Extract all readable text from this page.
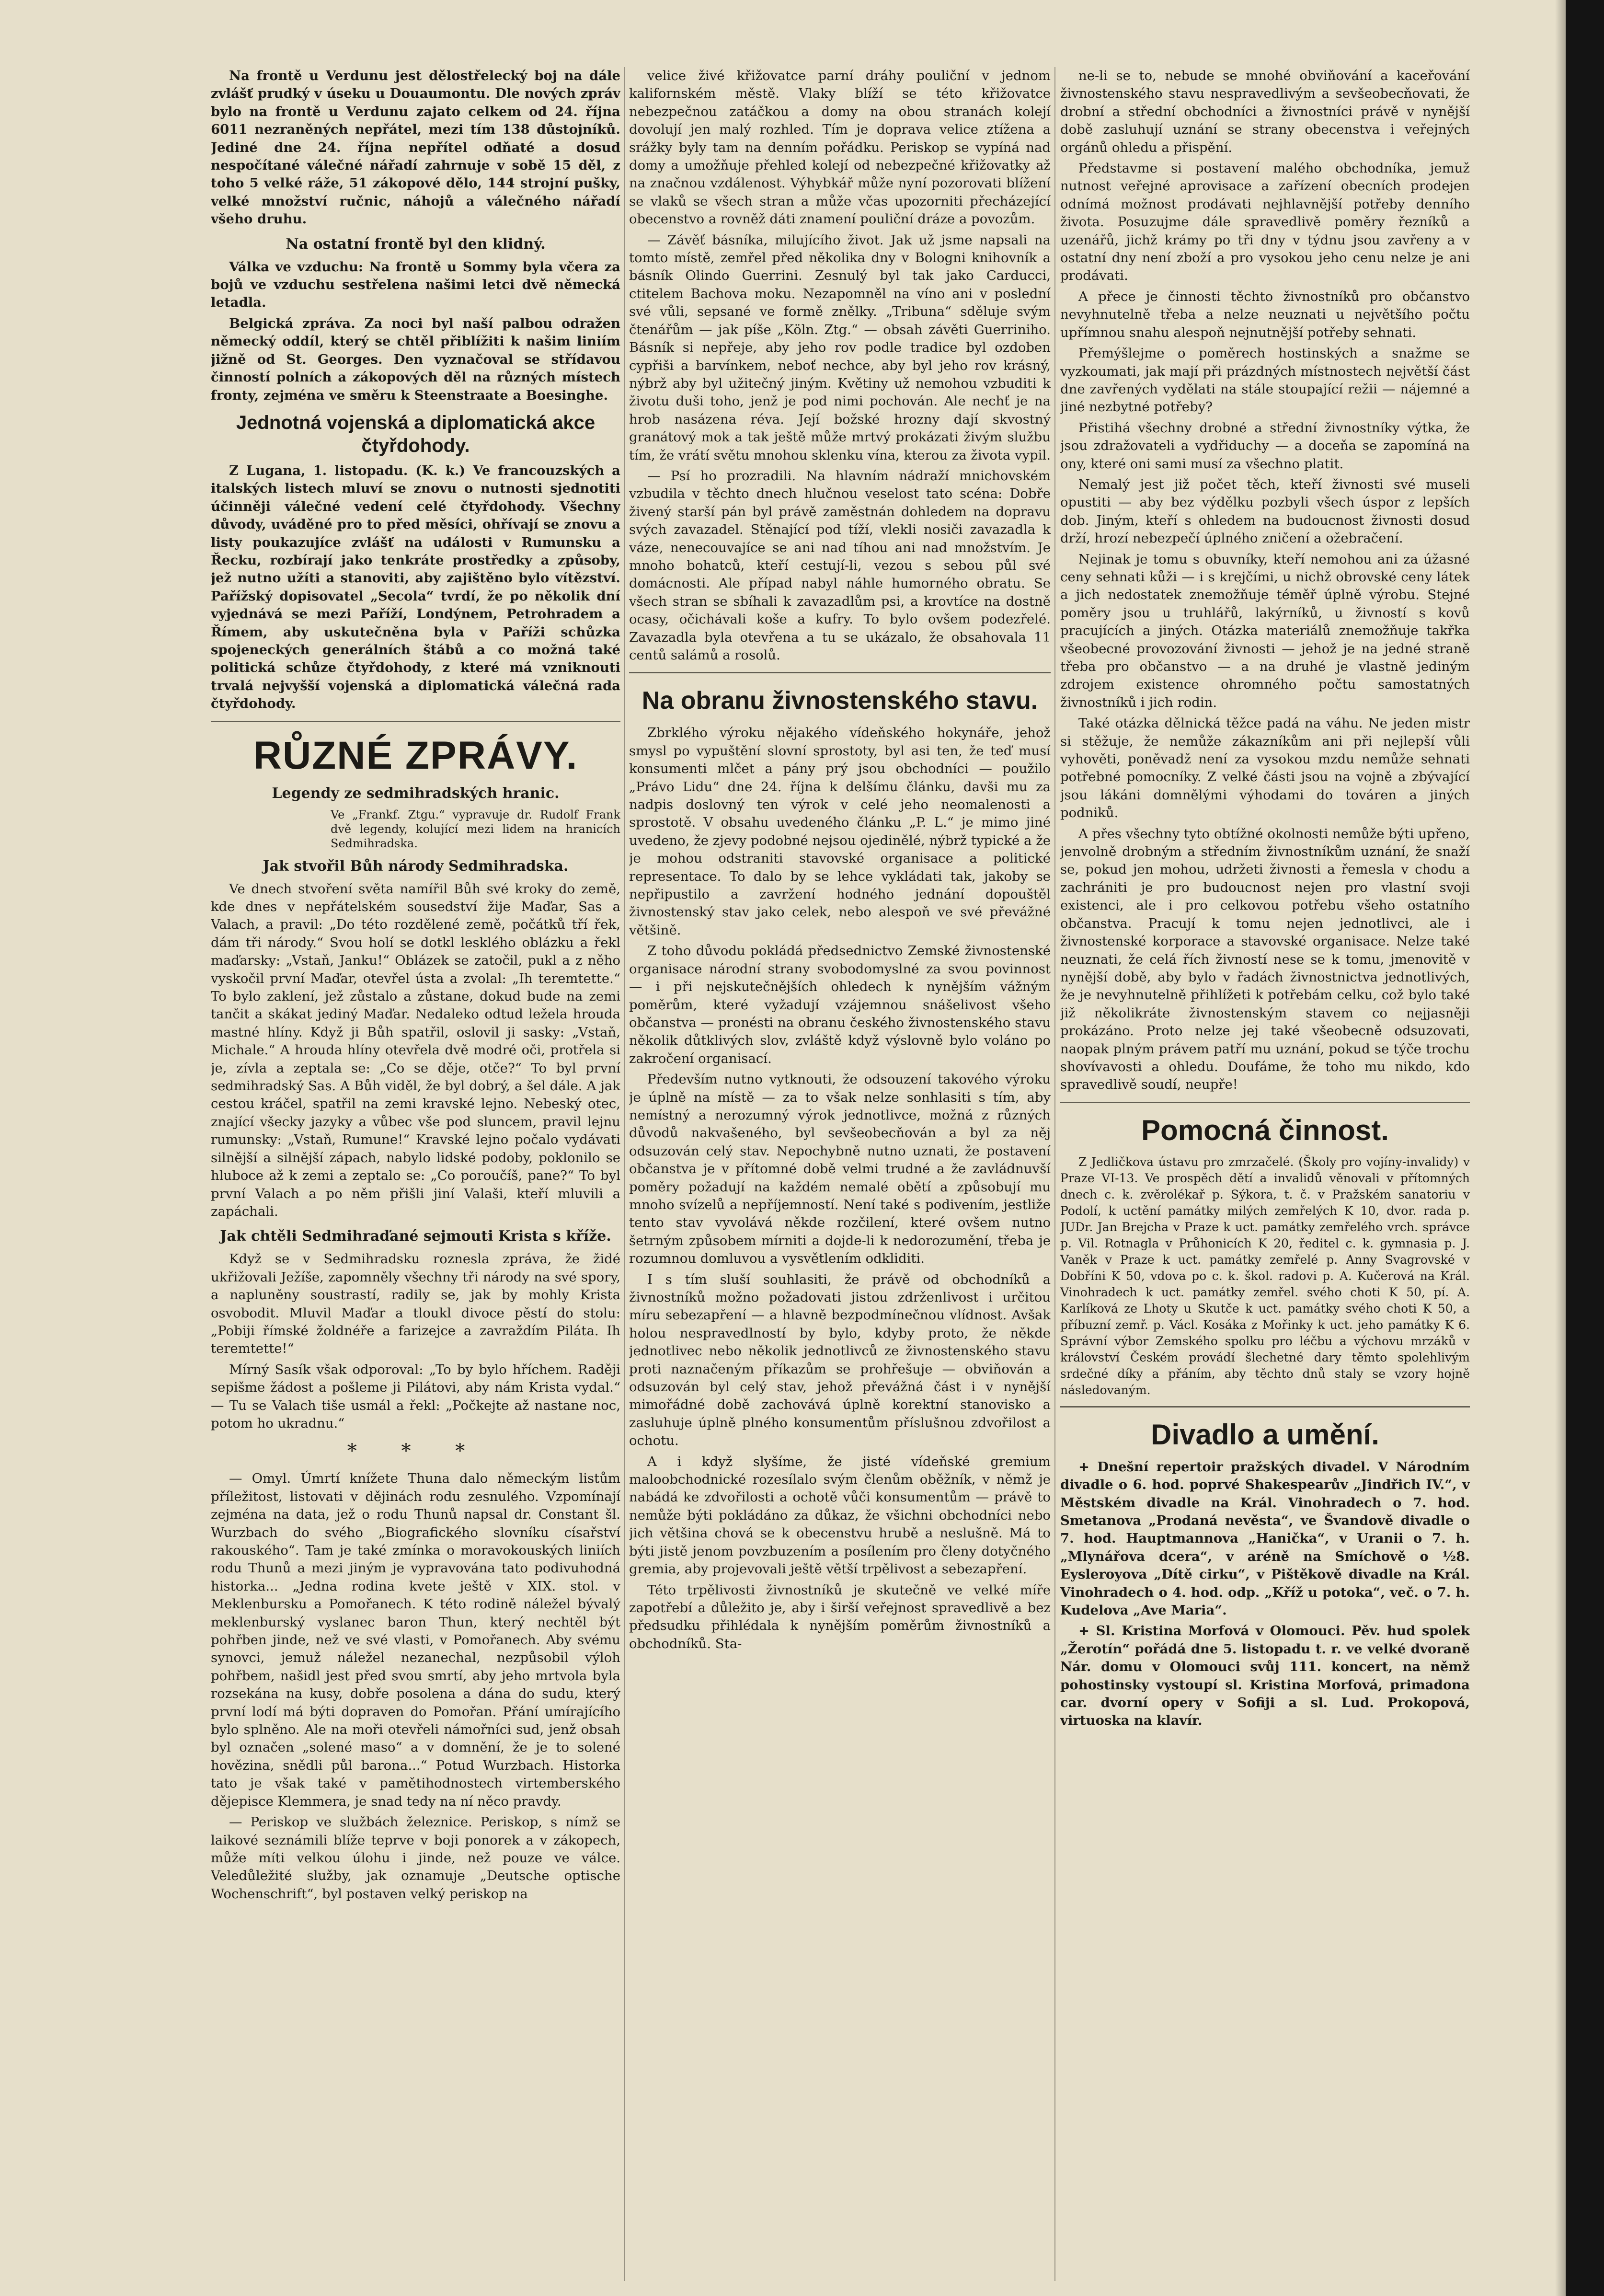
Na frontě u Verdunu jest dělostřelecký boj na dále zvlášť prudký v úseku u Douaumontu. Dle nových zpráv bylo na frontě u Verdunu zajato celkem od 24. října 6011 nezraněných nepřátel, mezi tím 138 důstojníků. Jediné dne 24. října nepřítel odňaté a dosud nespočítané válečné nářadí zahrnuje v sobě 15 děl, z toho 5 velké ráže, 51 zákopové dělo, 144 strojní pušky, velké množství ručnic, náhojů a válečného nářadí všeho druhu.

Na ostatní frontě byl den klidný.

Válka ve vzduchu: Na frontě u Sommy byla včera za bojů ve vzduchu sestřelena našimi letci dvě německá letadla.

Belgická zpráva. Za noci byl naší palbou odražen německý oddíl, který se chtěl přiblížiti k našim liniím jižně od St. Georges. Den vyznačoval se střídavou činností polních a zákopových děl na různých místech fronty, zejména ve směru k Steenstraate a Boesinghe.

Jednotná vojenská a diplomatická akce čtyřdohody.

Z Lugana, 1. listopadu. (K. k.) Ve francouzských a italských listech mluví se znovu o nutnosti sjednotiti účinněji válečné vedení celé čtyřdohody. Všechny důvody, uváděné pro to před měsíci, ohřívají se znovu a listy poukazujíce zvlášť na události v Rumunsku a Řecku, rozbírají jako tenkráte prostředky a způsoby, jež nutno užíti a stanoviti, aby zajištěno bylo vítězství. Pařížský dopisovatel „Secola“ tvrdí, že po několik dní vyjednává se mezi Paříží, Londýnem, Petrohradem a Římem, aby uskutečněna byla v Paříži schůzka spojeneckých generálních štábů a co možná také politická schůze čtyřdohody, z které má vzniknouti trvalá nejvyšší vojenská a diplomatická válečná rada čtyřdohody.

RŮZNÉ ZPRÁVY.
Legendy ze sedmihradských hranic.

Ve „Frankf. Ztgu.“ vypravuje dr. Rudolf Frank dvě legendy, kolující mezi lidem na hranicích Sedmihradska.

Jak stvořil Bůh národy Sedmihradska.

Ve dnech stvoření světa namířil Bůh své kroky do země, kde dnes v nepřátelském sousedství žije Maďar, Sas a Valach, a pravil: „Do této rozdělené země, počátků tří řek, dám tři národy.“ Svou holí se dotkl lesklého oblázku a řekl maďarsky: „Vstaň, Janku!“ Oblázek se zatočil, pukl a z něho vyskočil první Maďar, otevřel ústa a zvolal: „Ih teremtette.“ To bylo zaklení, jež zůstalo a zůstane, dokud bude na zemi tančit a skákat jediný Maďar. Nedaleko odtud ležela hrouda mastné hlíny. Když ji Bůh spatřil, oslovil ji sasky: „Vstaň, Michale.“ A hrouda hlíny otevřela dvě modré oči, protřela si je, zívla a zeptala se: „Co se děje, otče?“ To byl první sedmihradský Sas. A Bůh viděl, že byl dobrý, a šel dále. A jak cestou kráčel, spatřil na zemi kravské lejno. Nebeský otec, znající všecky jazyky a vůbec vše pod sluncem, pravil lejnu rumunsky: „Vstaň, Rumune!“ Kravské lejno počalo vydávati silnější a silnější zápach, nabylo lidské podoby, poklonilo se hluboce až k zemi a zeptalo se: „Co poroučíš, pane?“ To byl první Valach a po něm přišli jiní Valaši, kteří mluvili a zapáchali.

Jak chtěli Sedmihraďané sejmouti Krista s kříže.

Když se v Sedmihradsku roznesla zpráva, že židé ukřižovali Ježíše, zapomněly všechny tři národy na své spory, a napluněny soustrastí, radily se, jak by mohly Krista osvobodit. Mluvil Maďar a tloukl divoce pěstí do stolu: „Pobiji římské žoldnéře a farizejce a zavraždím Piláta. Ih teremtette!“

Mírný Sasík však odporoval: „To by bylo hříchem. Raději sepišme žádost a pošleme ji Pilátovi, aby nám Krista vydal.“ — Tu se Valach tiše usmál a řekl: „Počkejte až nastane noc, potom ho ukradnu.“

* * *

— Omyl. Úmrtí knížete Thuna dalo německým listům příležitost, listovati v dějinách rodu zesnulého. Vzpomínají zejména na data, jež o rodu Thunů napsal dr. Constant šl. Wurzbach do svého „Biografického slovníku císařství rakouského“. Tam je také zmínka o moravokouských liniích rodu Thunů a mezi jiným je vypravována tato podivuhodná historka... „Jedna rodina kvete ještě v XIX. stol. v Meklenbursku a Pomořanech. K této rodině náležel bývalý meklenburský vyslanec baron Thun, který nechtěl být pohřben jinde, než ve své vlasti, v Pomořanech. Aby svému synovci, jemuž náležel nezanechal, nezpůsobil výloh pohřbem, našidl jest před svou smrtí, aby jeho mrtvola byla rozsekána na kusy, dobře posolena a dána do sudu, který první lodí má býti dopraven do Pomořan. Přání umírajícího bylo splněno. Ale na moři otevřeli námořníci sud, jenž obsah byl označen „solené maso“ a v domnění, že je to solené hovězina, snědli půl barona...“ Potud Wurzbach. Historka tato je však také v pamětihodnostech virtemberského dějepisce Klemmera, je snad tedy na ní něco pravdy.

— Periskop ve službách železnice. Periskop, s nímž se laikové seznámili blíže teprve v boji ponorek a v zákopech, může míti velkou úlohu i jinde, než pouze ve válce. Veledůležité služby, jak oznamuje „Deutsche optische Wochenschrift“, byl postaven velký periskop na

velice živé křižovatce parní dráhy pouliční v jednom kalifornském městě. Vlaky blíží se této křižovatce nebezpečnou zatáčkou a domy na obou stranách kolejí dovolují jen malý rozhled. Tím je doprava velice ztížena a srážky byly tam na denním pořádku. Periskop se vypíná nad domy a umožňuje přehled kolejí od nebezpečné křižovatky až na značnou vzdálenost. Výhybkář může nyní pozorovati blížení se vlaků se všech stran a může včas upozorniti přecházející obecenstvo a rovněž dáti znamení pouliční dráze a povozům.

— Závěť básníka, milujícího život. Jak už jsme napsali na tomto místě, zemřel před několika dny v Bologni knihovník a básník Olindo Guerrini. Zesnulý byl tak jako Carducci, ctitelem Bachova moku. Nezapomněl na víno ani v poslední své vůli, sepsané ve formě znělky. „Tribuna“ sděluje svým čtenářům — jak píše „Köln. Ztg.“ — obsah závěti Guerriniho. Básník si nepřeje, aby jeho rov podle tradice byl ozdoben cypřiši a barvínkem, neboť nechce, aby byl jeho rov krásný, nýbrž aby byl užitečný jiným. Květiny už nemohou vzbuditi k životu duši toho, jenž je pod nimi pochován. Ale nechť je na hrob nasázena réva. Její božské hrozny dají skvostný granátový mok a tak ještě může mrtvý prokázati živým službu tím, že vrátí světu mnohou sklenku vína, kterou za života vypil.

— Psí ho prozradili. Na hlavním nádraží mnichovském vzbudila v těchto dnech hlučnou veselost tato scéna: Dobře živený starší pán byl právě zaměstnán dohledem na dopravu svých zavazadel. Stěnající pod tíží, vlekli nosiči zavazadla k váze, nenecouvajíce se ani nad tíhou ani nad množstvím. Je mnoho bohatců, kteří cestují-li, vezou s sebou půl své domácnosti. Ale případ nabyl náhle humorného obratu. Se všech stran se sbíhali k zavazadlům psi, a krovtíce na dostně ocasy, očichávali koše a kufry. To bylo ovšem podezřelé. Zavazadla byla otevřena a tu se ukázalo, že obsahovala 11 centů salámů a rosolů.

Na obranu živnostenského stavu.

Zbrklého výroku nějakého vídeňského hokynáře, jehož smysl po vypuštění slovní sprostoty, byl asi ten, že teď musí konsumenti mlčet a pány prý jsou obchodníci — použilo „Právo Lidu“ dne 24. října k delšímu článku, davši mu za nadpis doslovný ten výrok v celé jeho neomalenosti a sprostotě. V obsahu uvedeného článku „P. L.“ je mimo jiné uvedeno, že zjevy podobné nejsou ojedinělé, nýbrž typické a že je mohou odstraniti stavovské organisace a politické representace. To dalo by se lehce vykládati tak, jakoby se nepřipustilo a zavržení hodného jednání dopouštěl živnostenský stav jako celek, nebo alespoň ve své převážné většině.

Z toho důvodu pokládá předsednictvo Zemské živnostenské organisace národní strany svobodomyslné za svou povinnost — i při nejskutečnějších ohledech k nynějším vážným poměrům, které vyžadují vzájemnou snášelivost všeho občanstva — pronésti na obranu českého živnostenského stavu několik důtklivých slov, zvláště když výslovně bylo voláno po zakročení organisací.

Především nutno vytknouti, že odsouzení takového výroku je úplně na místě — za to však nelze sonhlasiti s tím, aby nemístný a nerozumný výrok jednotlivce, možná z různých důvodů nakvašeného, byl sevšeobecňován a byl za něj odsuzován celý stav. Nepochybně nutno uznati, že postavení občanstva je v přítomné době velmi trudné a že zavládnuvší poměry požadují na každém nemalé obětí a způsobují mu mnoho svízelů a nepříjemností. Není také s podivením, jestliže tento stav vyvolává někde rozčilení, které ovšem nutno šetrným způsobem mírniti a dojde-li k nedorozumění, třeba je rozumnou domluvou a vysvětlením odkliditi.

I s tím sluší souhlasiti, že právě od obchodníků a živnostníků možno požadovati jistou zdrženlivost i určitou míru sebezapření — a hlavně bezpodmínečnou vlídnost. Avšak holou nespravedlností by bylo, kdyby proto, že někde jednotlivec nebo několik jednotlivců ze živnostenského stavu proti naznačeným příkazům se prohřešuje — obviňován a odsuzován byl celý stav, jehož převážná část i v nynější mimořádné době zachovává úplně korektní stanovisko a zasluhuje úplně plného konsumentům příslušnou zdvořilost a ochotu.

A i když slyšíme, že jisté vídeňské gremium maloobchodnické rozesílalo svým členům oběžník, v němž je nabádá ke zdvořilosti a ochotě vůči konsumentům — právě to nemůže býti pokládáno za důkaz, že všichni obchodníci nebo jich většina chová se k obecenstvu hrubě a neslušně. Má to býti jistě jenom povzbuzením a posílením pro členy dotyčného gremia, aby projevovali ještě větší trpělivost a sebezapření.

Této trpělivosti živnostníků je skutečně ve velké míře zapotřebí a důležito je, aby i širší veřejnost spravedlivě a bez předsudku přihlédala k nynějším poměrům živnostníků a obchodníků. Sta-

ne-li se to, nebude se mnohé obviňování a kaceřování živnostenského stavu nespravedlivým a sevšeobecňovati, že drobní a střední obchodníci a živnostníci právě v nynější době zasluhují uznání se strany obecenstva i veřejných orgánů ohledu a přispění.

Představme si postavení malého obchodníka, jemuž nutnost veřejné aprovisace a zařízení obecních prodejen odnímá možnost prodávati nejhlavnější potřeby denního života. Posuzujme dále spravedlivě poměry řezníků a uzenářů, jichž krámy po tři dny v týdnu jsou zavřeny a v ostatní dny není zboží a pro vysokou jeho cenu nelze je ani prodávati.

A přece je činnosti těchto živnostníků pro občanstvo nevyhnutelně třeba a nelze neuznati u největšího počtu upřímnou snahu alespoň nejnutnější potřeby sehnati.

Přemýšlejme o poměrech hostinských a snažme se vyzkoumati, jak mají při prázdných místnostech největší část dne zavřených vydělati na stále stoupající režii — nájemné a jiné nezbytné potřeby?

Přistihá všechny drobné a střední živnostníky výtka, že jsou zdražovateli a vydřiduchy — a doceňa se zapomíná na ony, které oni sami musí za všechno platit.

Nemalý jest již počet těch, kteří živnosti své museli opustiti — aby bez výdělku pozbyli všech úspor z lepších dob. Jiným, kteří s ohledem na budoucnost živnosti dosud drží, hrozí nebezpečí úplného zničení a ožebračení.

Nejinak je tomu s obuvníky, kteří nemohou ani za úžasné ceny sehnati kůži — i s krejčími, u nichž obrovské ceny látek a jich nedostatek znemožňuje téměř úplně výrobu. Stejné poměry jsou u truhlářů, lakýrníků, u živností s kovů pracujících a jiných. Otázka materiálů znemožňuje takřka všeobecné provozování živnosti — jehož je na jedné straně třeba pro občanstvo — a na druhé je vlastně jediným zdrojem existence ohromného počtu samostatných živnostníků i jich rodin.

Také otázka dělnická těžce padá na váhu. Ne jeden mistr si stěžuje, že nemůže zákazníkům ani při nejlepší vůli vyhověti, poněvadž není za vysokou mzdu nemůže sehnati potřebné pomocníky. Z velké části jsou na vojně a zbývající jsou lákáni domnělými výhodami do továren a jiných podniků.

A přes všechny tyto obtížné okolnosti nemůže býti upřeno, jenvolně drobným a středním živnostníkům uznání, že snaží se, pokud jen mohou, udržeti živnosti a řemesla v chodu a zachrániti je pro budoucnost nejen pro vlastní svoji existenci, ale i pro celkovou potřebu všeho ostatního občanstva. Pracují k tomu nejen jednotlivci, ale i živnostenské korporace a stavovské organisace. Nelze také neuznati, že celá řích živností nese se k tomu, jmenovitě v nynější době, aby bylo v řadách živnostnictva jednotlivých, že je nevyhnutelně přihlížeti k potřebám celku, což bylo také již několikráte živnostenským stavem co nejjasněji prokázáno. Proto nelze jej také všeobecně odsuzovati, naopak plným právem patří mu uznání, pokud se týče trochu shovívavosti a ohledu. Doufáme, že toho mu nikdo, kdo spravedlivě soudí, neupře!

Pomocná činnost.

Z Jedličkova ústavu pro zmrzačelé. (Školy pro vojíny-invalidy) v Praze VI-13. Ve prospěch dětí a invalidů věnovali v přítomných dnech c. k. zvěrolékař p. Sýkora, t. č. v Pražském sanatoriu v Podolí, k uctění památky milých zemřelých K 10, dvor. rada p. JUDr. Jan Brejcha v Praze k uct. památky zemřelého vrch. správce p. Vil. Rotnagla v Průhonicích K 20, ředitel c. k. gymnasia p. J. Vaněk v Praze k uct. památky zemřelé p. Anny Svagrovské v Dobříni K 50, vdova po c. k. škol. radovi p. A. Kučerová na Král. Vinohradech k uct. památky zemřel. svého choti K 50, pí. A. Karlíková ze Lhoty u Skutče k uct. památky svého choti K 50, a příbuzní zemř. p. Václ. Kosáka z Mořinky k uct. jeho památky K 6. Správní výbor Zemského spolku pro léčbu a výchovu mrzáků v království Českém provádí šlechetné dary těmto spolehlivým srdečné díky a přáním, aby těchto dnů staly se vzory hojně následovaným.

Divadlo a umění.

+ Dnešní repertoir pražských divadel. V Národním divadle o 6. hod. poprvé Shakespearův „Jindřich IV.“, v Městském divadle na Král. Vinohradech o 7. hod. Smetanova „Prodaná nevěsta“, ve Švandově divadle o 7. hod. Hauptmannova „Hanička“, v Uranii o 7. h. „Mlynářova dcera“, v aréně na Smíchově o ½8. Eysleroyova „Dítě cirku“, v Pištěkově divadle na Král. Vinohradech o 4. hod. odp. „Kříž u potoka“, več. o 7. h. Kudelova „Ave Maria“.

+ Sl. Kristina Morfová v Olomouci. Pěv. hud spolek „Žerotín“ pořádá dne 5. listopadu t. r. ve velké dvoraně Nár. domu v Olomouci svůj 111. koncert, na němž pohostinsky vystoupí sl. Kristina Morfová, primadona car. dvorní opery v Sofiji a sl. Lud. Prokopová, virtuoska na klavír.
